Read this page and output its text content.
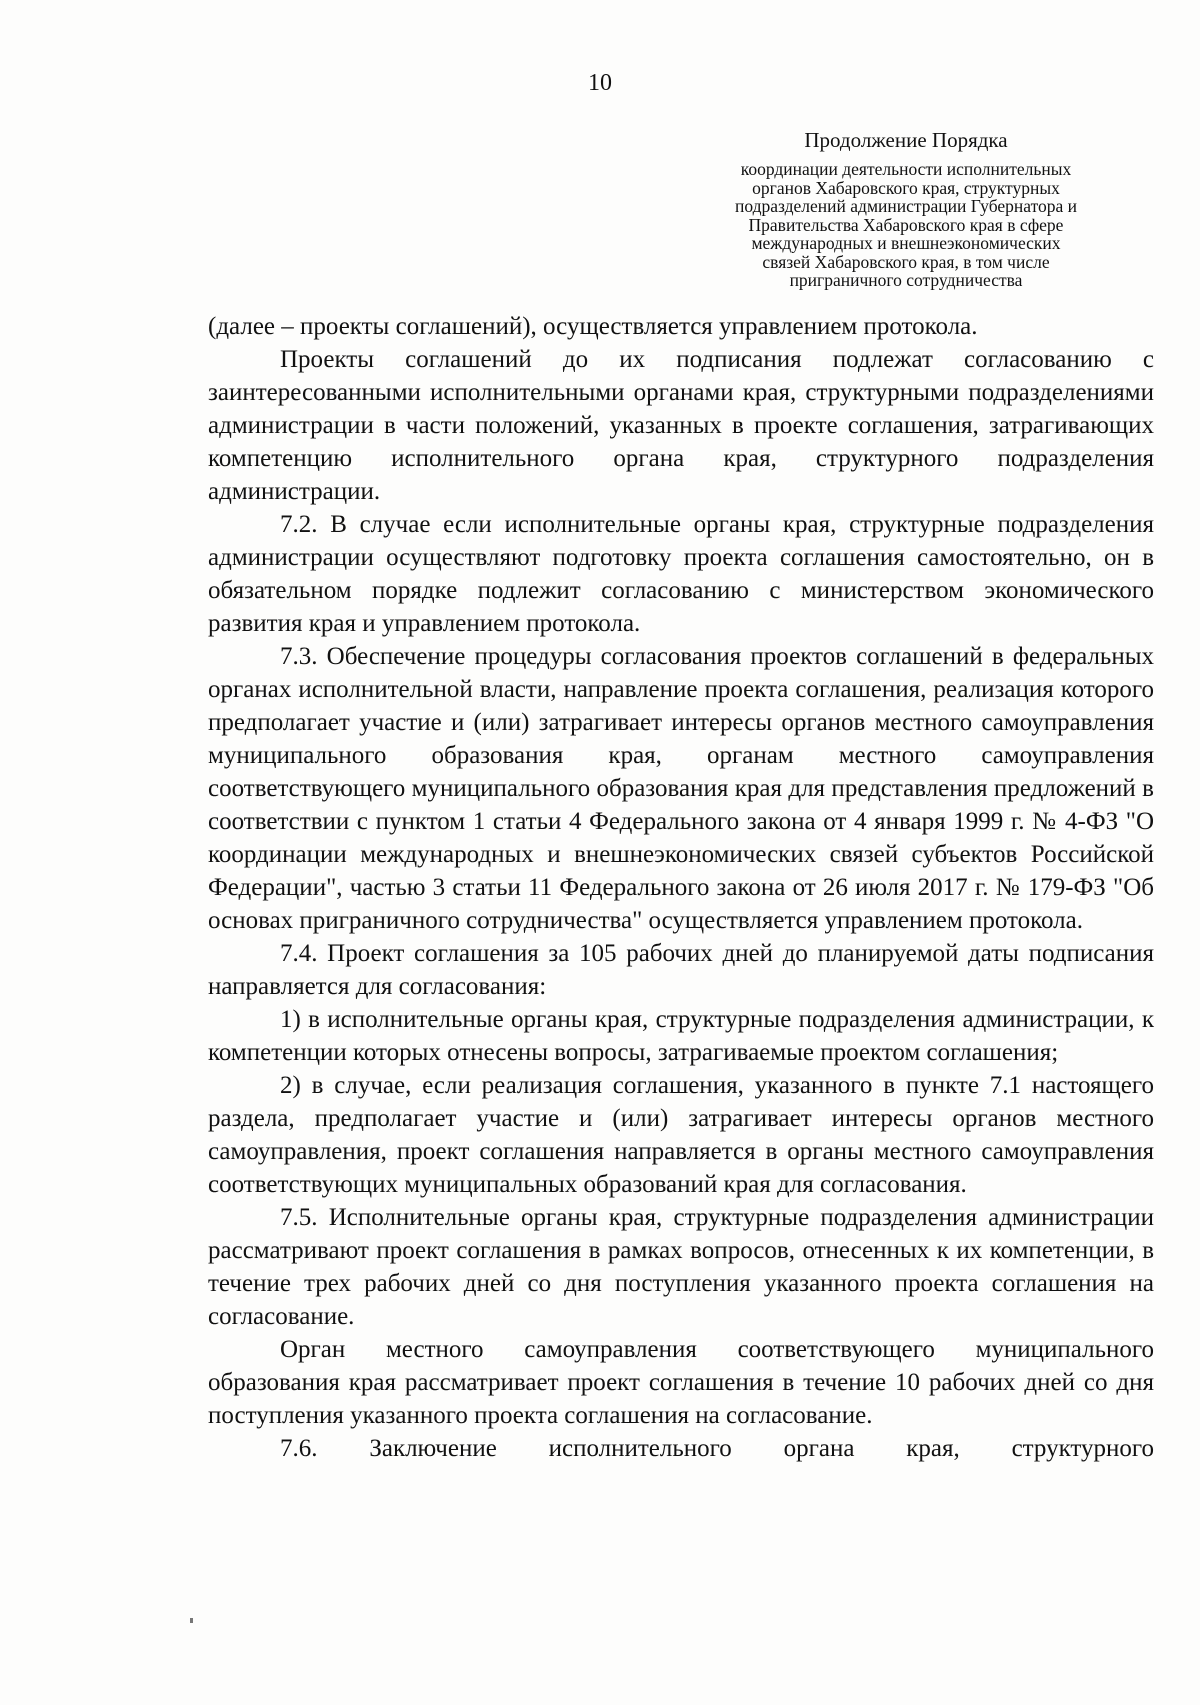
10
Продолжение Порядка
координации деятельности исполнительных
органов Хабаровского края, структурных
подразделений администрации Губернатора и
Правительства Хабаровского края в сфере
международных и внешнеэкономических
связей Хабаровского края, в том числе
приграничного сотрудничества

(далее – проекты соглашений), осуществляется управлением протокола.

Проекты соглашений до их подписания подлежат согласованию с заинтересованными исполнительными органами края, структурными подразделениями администрации в части положений, указанных в проекте соглашения, затрагивающих компетенцию исполнительного органа края, структурного подразделения администрации.

7.2. В случае если исполнительные органы края, структурные подразделения администрации осуществляют подготовку проекта соглашения самостоятельно, он в обязательном порядке подлежит согласованию с министерством экономического развития края и управлением протокола.

7.3. Обеспечение процедуры согласования проектов соглашений в федеральных органах исполнительной власти, направление проекта соглашения, реализация которого предполагает участие и (или) затрагивает интересы органов местного самоуправления муниципального образования края, органам местного самоуправления соответствующего муниципального образования края для представления предложений в соответствии с пунктом 1 статьи 4 Федерального закона от 4 января 1999 г. № 4-ФЗ "О координации международных и внешнеэкономических связей субъектов Российской Федерации", частью 3 статьи 11 Федерального закона от 26 июля 2017 г. № 179-ФЗ "Об основах приграничного сотрудничества" осуществляется управлением протокола.

7.4. Проект соглашения за 105 рабочих дней до планируемой даты подписания направляется для согласования:

1) в исполнительные органы края, структурные подразделения администрации, к компетенции которых отнесены вопросы, затрагиваемые проектом соглашения;

2) в случае, если реализация соглашения, указанного в пункте 7.1 настоящего раздела, предполагает участие и (или) затрагивает интересы органов местного самоуправления, проект соглашения направляется в органы местного самоуправления соответствующих муниципальных образований края для согласования.

7.5. Исполнительные органы края, структурные подразделения администрации рассматривают проект соглашения в рамках вопросов, отнесенных к их компетенции, в течение трех рабочих дней со дня поступления указанного проекта соглашения на согласование.

Орган местного самоуправления соответствующего муниципального образования края рассматривает проект соглашения в течение 10 рабочих дней со дня поступления указанного проекта соглашения на согласование.

7.6. Заключение исполнительного органа края, структурного
